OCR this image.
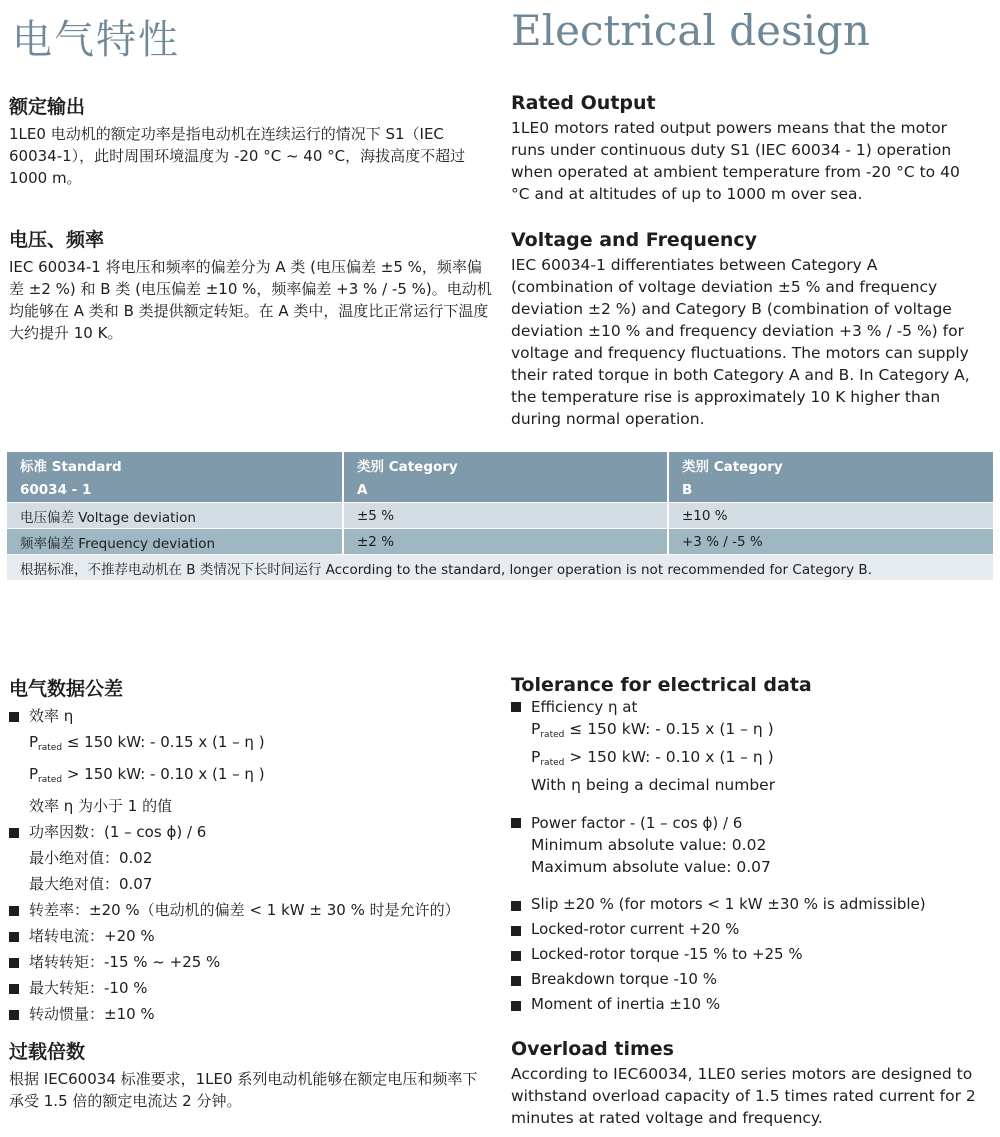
电气特性	Electrical design
额定输出

1LE0 电动机的额定功率是指电动机在连续运行的情况下 S1（IEC 60034-1），此时周围环境温度为 -20 °C ~ 40 °C，海拔高度不超过 1000 m。

Rated Output

1LE0 motors rated output powers means that the motor runs under continuous duty S1 (IEC 60034 - 1) operation when operated at ambient temperature from -20 °C to 40 °C and at altitudes of up to 1000 m over sea.

电压、频率

IEC 60034-1 将电压和频率的偏差分为 A 类 (电压偏差 ±5 %，频率偏差 ±2 %) 和 B 类 (电压偏差 ±10 %，频率偏差 +3 % / -5 %)。电动机均能够在 A 类和 B 类提供额定转矩。在 A 类中，温度比正常运行下温度大约提升 10 K。

Voltage and Frequency

IEC 60034-1 differentiates between Category A (combination of voltage deviation ±5 % and frequency deviation ±2 %) and Category B (combination of voltage deviation ±10 % and frequency deviation +3 % / -5 %) for voltage and frequency fluctuations. The motors can supply their rated torque in both Category A and B. In Category A, the temperature rise is approximately 10 K higher than during normal operation.

标准 Standard	类别 Category	类别 Category
60034 - 1	A	B
电压偏差 Voltage deviation	±5 %	±10 %
频率偏差 Frequency deviation	±2 %	+3 % / -5 %
根据标准，不推荐电动机在 B 类情况下长时间运行 According to the standard, longer operation is not recommended for Category B.
电气数据公差
效率 η
$P_{rated} \le 150$ kW: - 0.15 x (1 – η )
$P_{rated} > 150$ kW: - 0.10 x (1 – η )
效率 η 为小于 1 的值
功率因数：(1 – cos ϕ) / 6
最小绝对值：0.02
最大绝对值：0.07
转差率：±20 %（电动机的偏差 < 1 kW ± 30 % 时是允许的）
堵转电流：+20 %
堵转转矩：-15 % ~ +25 %
最大转矩：-10 %
转动惯量：±10 %
Tolerance for electrical data
Efficiency η at
$P_{rated} \le 150$ kW: - 0.15 x (1 – η )
$P_{rated} > 150$ kW: - 0.10 x (1 – η )
With η being a decimal number
Power factor - (1 – cos ϕ) / 6
Minimum absolute value: 0.02
Maximum absolute value: 0.07
Slip ±20 % (for motors < 1 kW ±30 % is admissible)
Locked-rotor current +20 %
Locked-rotor torque -15 % to +25 %
Breakdown torque -10 %
Moment of inertia ±10 %
过载倍数

根据 IEC60034 标准要求，1LE0 系列电动机能够在额定电压和频率下承受 1.5 倍的额定电流达 2 分钟。

Overload times

According to IEC60034, 1LE0 series motors are designed to withstand overload capacity of 1.5 times rated current for 2 minutes at rated voltage and frequency.
